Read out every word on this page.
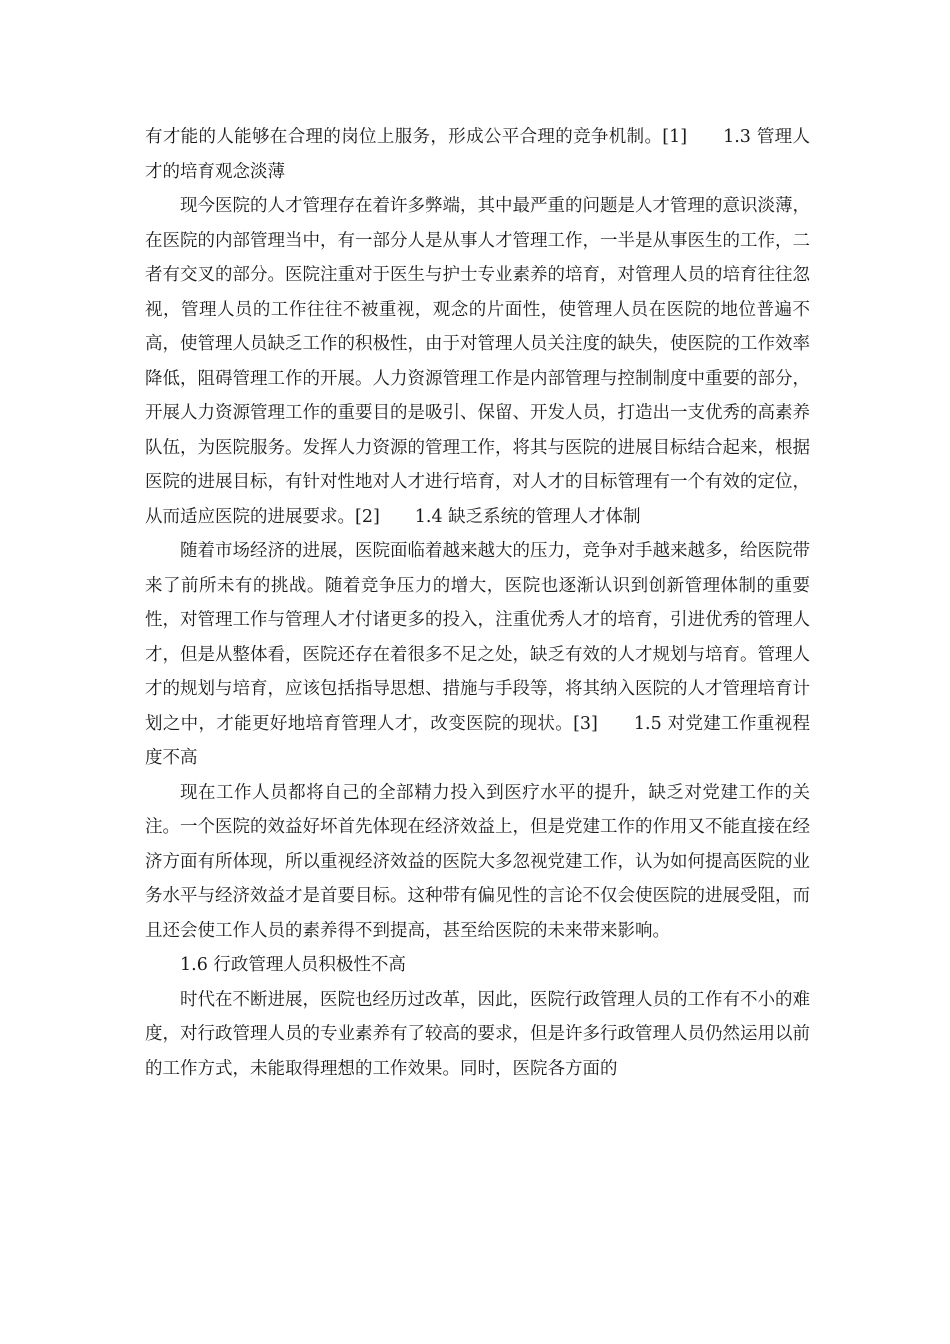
有才能的人能够在合理的岗位上服务，形成公平合理的竞争机制。[1]　　1.3 管理人才的培育观念淡薄

现今医院的人才管理存在着许多弊端，其中最严重的问题是人才管理的意识淡薄，在医院的内部管理当中，有一部分人是从事人才管理工作，一半是从事医生的工作，二者有交叉的部分。医院注重对于医生与护士专业素养的培育，对管理人员的培育往往忽视，管理人员的工作往往不被重视，观念的片面性，使管理人员在医院的地位普遍不高，使管理人员缺乏工作的积极性，由于对管理人员关注度的缺失，使医院的工作效率降低，阻碍管理工作的开展。人力资源管理工作是内部管理与控制制度中重要的部分，开展人力资源管理工作的重要目的是吸引、保留、开发人员，打造出一支优秀的高素养队伍，为医院服务。发挥人力资源的管理工作，将其与医院的进展目标结合起来，根据医院的进展目标，有针对性地对人才进行培育，对人才的目标管理有一个有效的定位，从而适应医院的进展要求。[2]　　1.4 缺乏系统的管理人才体制

随着市场经济的进展，医院面临着越来越大的压力，竞争对手越来越多，给医院带来了前所未有的挑战。随着竞争压力的增大，医院也逐渐认识到创新管理体制的重要性，对管理工作与管理人才付诸更多的投入，注重优秀人才的培育，引进优秀的管理人才，但是从整体看，医院还存在着很多不足之处，缺乏有效的人才规划与培育。管理人才的规划与培育，应该包括指导思想、措施与手段等，将其纳入医院的人才管理培育计划之中，才能更好地培育管理人才，改变医院的现状。[3]　　1.5 对党建工作重视程度不高

现在工作人员都将自己的全部精力投入到医疗水平的提升，缺乏对党建工作的关注。一个医院的效益好坏首先体现在经济效益上，但是党建工作的作用又不能直接在经济方面有所体现，所以重视经济效益的医院大多忽视党建工作，认为如何提高医院的业务水平与经济效益才是首要目标。这种带有偏见性的言论不仅会使医院的进展受阻，而且还会使工作人员的素养得不到提高，甚至给医院的未来带来影响。

1.6 行政管理人员积极性不高

时代在不断进展，医院也经历过改革，因此，医院行政管理人员的工作有不小的难度，对行政管理人员的专业素养有了较高的要求，但是许多行政管理人员仍然运用以前的工作方式，未能取得理想的工作效果。同时，医院各方面的
